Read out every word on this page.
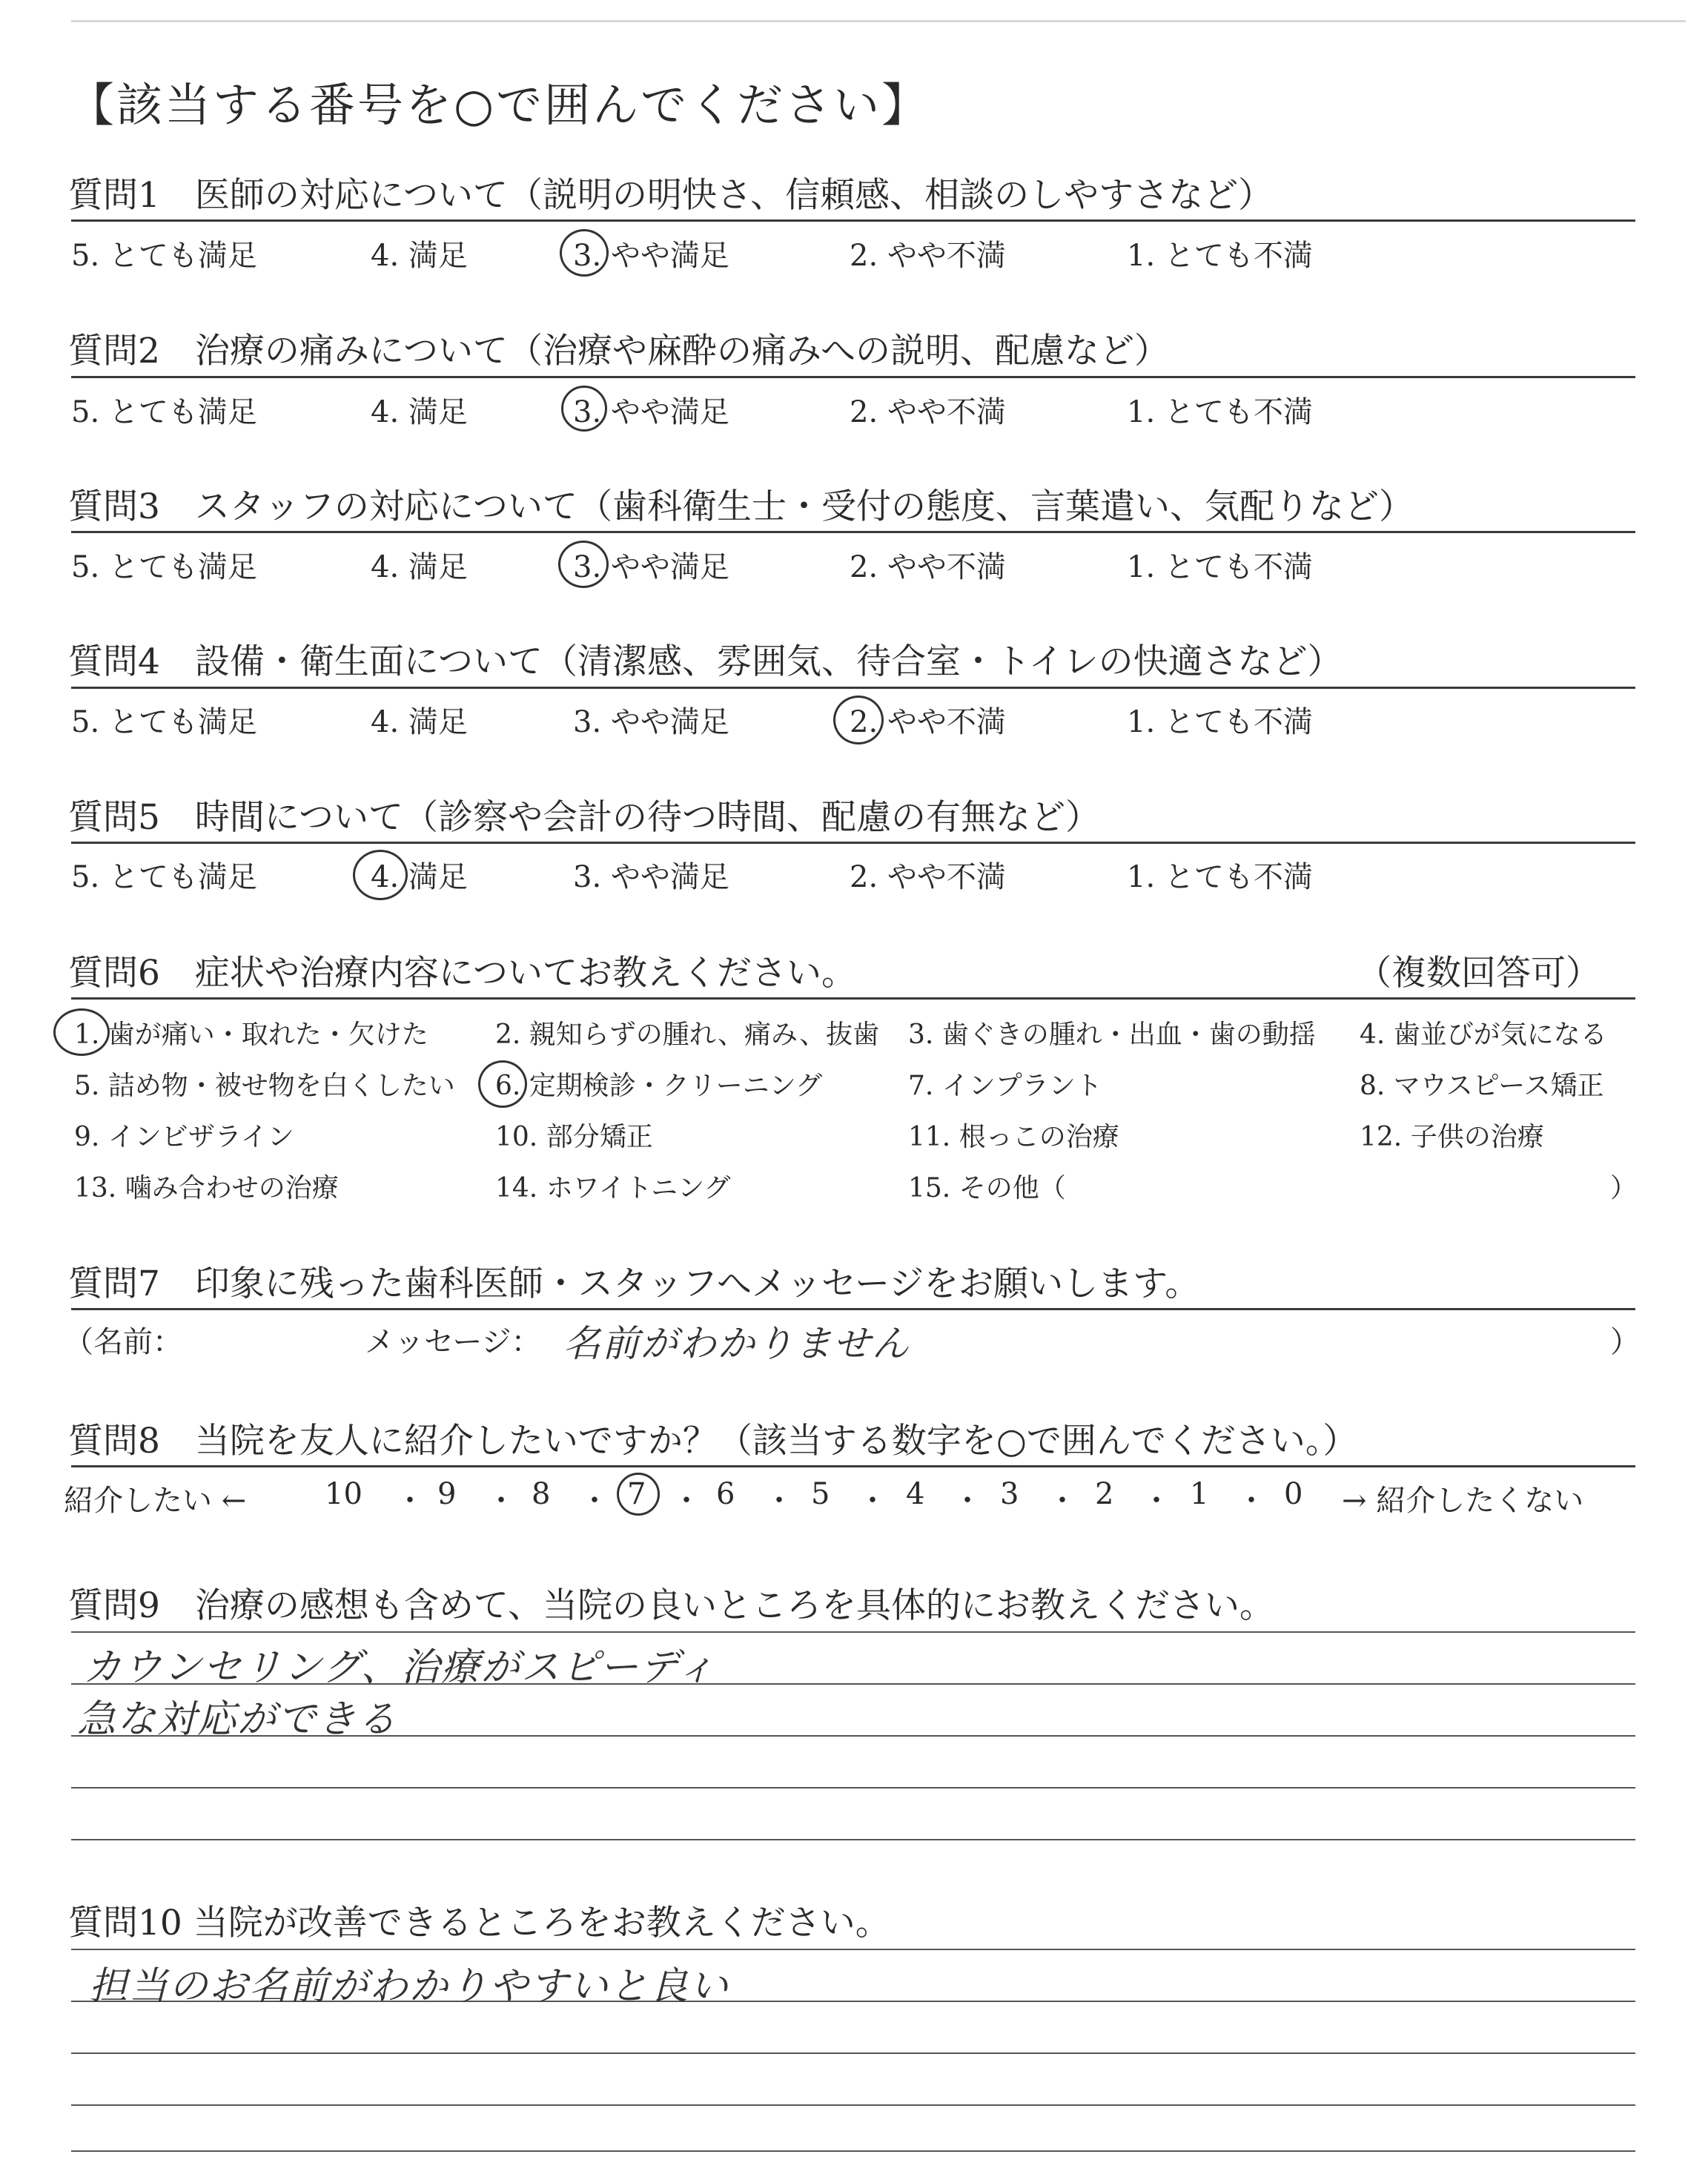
【該当する番号を○で囲んでください】
質問1　医師の対応について（説明の明快さ、信頼感、相談のしやすさなど）
5. とても満足	4. 満足	3. やや満足	2. やや不満	1. とても不満
質問2　治療の痛みについて（治療や麻酔の痛みへの説明、配慮など）
5. とても満足	4. 満足	3. やや満足	2. やや不満	1. とても不満
質問3　スタッフの対応について（歯科衛生士・受付の態度、言葉遣い、気配りなど）
5. とても満足	4. 満足	3. やや満足	2. やや不満	1. とても不満
質問4　設備・衛生面について（清潔感、雰囲気、待合室・トイレの快適さなど）
5. とても満足	4. 満足	3. やや満足	2. やや不満	1. とても不満
質問5　時間について（診察や会計の待つ時間、配慮の有無など）
5. とても満足	4. 満足	3. やや満足	2. やや不満	1. とても不満
質問6　症状や治療内容についてお教えください。	（複数回答可）
1. 歯が痛い・取れた・欠けた	2. 親知らずの腫れ、痛み、抜歯 3. 歯ぐきの腫れ・出血・歯の動揺 4. 歯並びが気になる
5. 詰め物・被せ物を白くしたい 6. 定期検診・クリーニング	7. インプラント	8. マウスピース矯正
9. インビザライン	10. 部分矯正	11. 根っこの治療	12. 子供の治療
13. 噛み合わせの治療	14. ホワイトニング	15. その他（	）
質問7　印象に残った歯科医師・スタッフへメッセージをお願いします。
（名前：	メッセージ： 名前がわかりません	）
質問8　当院を友人に紹介したいですか？（該当する数字を○で囲んでください。）
紹介したい ←	10 ・ 9 ・ 8 ・ 7 ・ 6 ・ 5 ・ 4 ・ 3 ・ 2 ・ 1 ・ 0 → 紹介したくない
質問9　治療の感想も含めて、当院の良いところを具体的にお教えください。
カウンセリング、治療がスピーディ
急な対応ができる
質問10 当院が改善できるところをお教えください。
担当のお名前がわかりやすいと良い
